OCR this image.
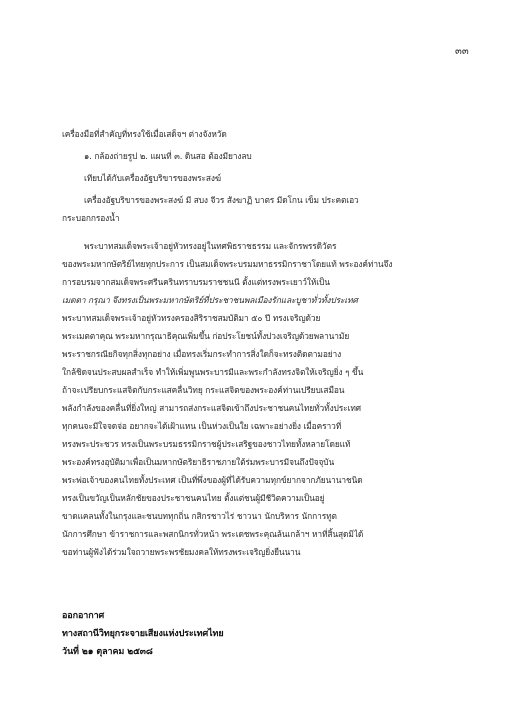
๓๓
เครื่องมือที่สำคัญที่ทรงใช้เมื่อเสด็จฯ ต่างจังหวัด
๑. กล้องถ่ายรูป ๒. แผนที่ ๓. ดินสอ ต้องมียางลบ
เทียบได้กับเครื่องอัฐบริขารของพระสงฆ์
เครื่องอัฐบริขารของพระสงฆ์ มี สบง จีวร สังฆาฏิ บาตร มีดโกน เข็ม ประคตเอว
กระบอกกรองน้ำ
พระบาทสมเด็จพระเจ้าอยู่หัวทรงอยู่ในทศพิธราชธรรม และจักรพรรดิวัตร
ของพระมหากษัตริย์ไทยทุกประการ เป็นสมเด็จพระบรมมหาธรรมิกราชาโดยแท้ พระองค์ท่านจึง
การอบรมจากสมเด็จพระศรีนครินทราบรมราชชนนี ตั้งแต่ทรงพระเยาว์ให้เป็น
เมตตา กรุณา จึงทรงเป็นพระมหากษัตริย์ที่ประชาชนพลเมืองรักและบูชาทั่วทั้งประเทศ
พระบาทสมเด็จพระเจ้าอยู่หัวทรงครองสิริราชสมบัติมา ๕๐ ปี ทรงเจริญด้วย
พระเมตตาคุณ พระมหากรุณาธิคุณเพิ่มขึ้น ก่อประโยชน์ทั้งปวงเจริญด้วยพลานามัย
พระราชกรณียกิจทุกสิ่งทุกอย่าง เมื่อทรงเริ่มกระทำการสิ่งใดก็จะทรงติดตามอย่าง
ใกล้ชิดจนประสบผลสำเร็จ ทำให้เพิ่มพูนพระบารมีและพระกำลังทรงจิตให้เจริญยิ่ง ๆ ขึ้น
ถ้าจะเปรียบกระแสจิตกับกระแสคลื่นวิทยุ กระแสจิตของพระองค์ท่านเปรียบเสมือน
พลังกำลังของคลื่นที่ยิ่งใหญ่ สามารถส่งกระแสจิตเข้าถึงประชาชนคนไทยทั่วทั้งประเทศ
ทุกคนจะมีใจจดจ่อ อยากจะได้เฝ้าแหน เป็นห่วงเป็นใย เฉพาะอย่างยิ่ง เมื่อคราวที่
ทรงพระประชวร ทรงเป็นพระบรมธรรมิกราชผู้ประเสริฐของชาวไทยทั้งหลายโดยแท้
พระองค์ทรงอุบัติมาเพื่อเป็นมหากษัตริยาธิราชภายใต้ร่มพระบารมีจนถึงปัจจุบัน
พระพ่อเจ้าของคนไทยทั้งประเทศ เป็นที่พึ่งของผู้ที่ได้รับความทุกข์ยากจากภัยนานาชนิด
ทรงเป็นขวัญเป็นหลักชัยของประชาชนคนไทย ตั้งแต่ชนผู้มีชีวิตความเป็นอยู่
ขาดแคลนทั้งในกรุงและชนบททุกถิ่น กสิกรชาวไร่ ชาวนา นักบริหาร นักการทูต
นักการศึกษา ข้าราชการและพสกนิกรทั่วหน้า พระเดชพระคุณล้นเกล้าฯ หาที่สิ้นสุดมิได้
ขอท่านผู้ฟังได้ร่วมใจถวายพระพรชัยมงคลให้ทรงพระเจริญยิ่งยืนนาน
ออกอากาศ
ทางสถานีวิทยุกระจายเสียงแห่งประเทศไทย
วันที่ ๒๑ ตุลาคม ๒๕๓๘
